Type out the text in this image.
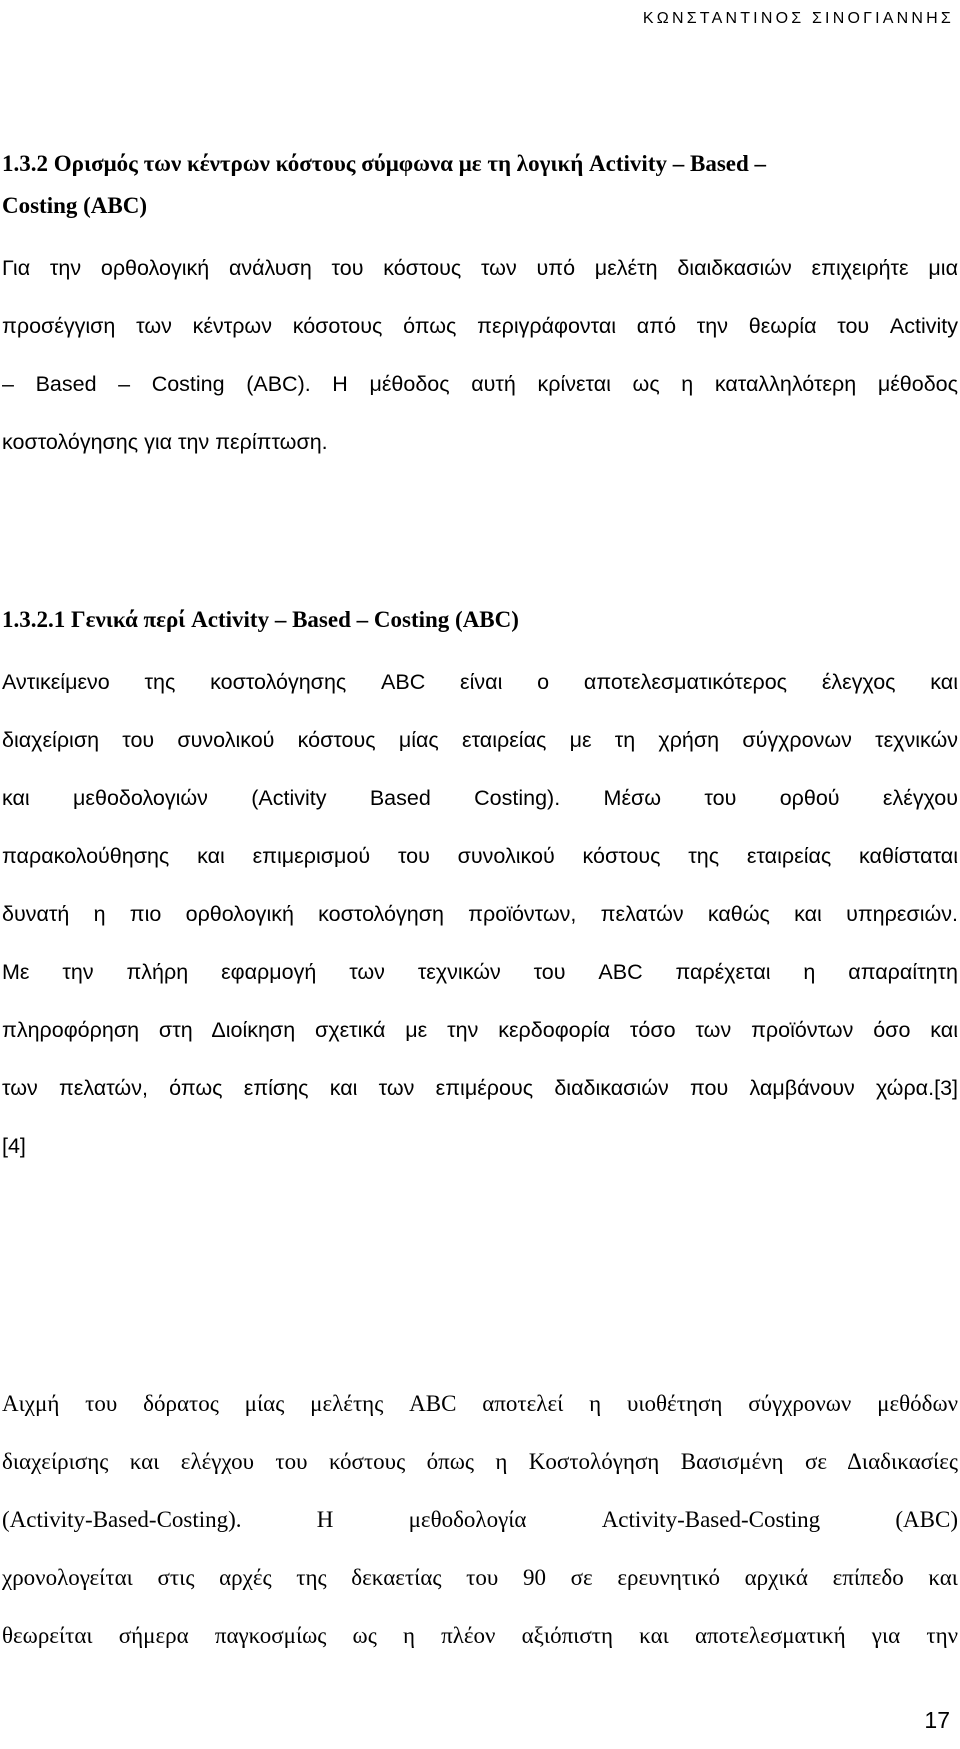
ΚΩΝΣΤΑΝΤΙΝΟΣ ΣΙΝΟΓΙΑΝΝΗΣ
1.3.2 Ορισμός των κέντρων κόστους σύμφωνα με τη λογική Activity – Based –
Costing (ABC)
Για την ορθολογική ανάλυση του κόστους των υπό μελέτη διαιδκασιών επιχειρήτε μια
προσέγγιση των κέντρων κόσοτους όπως περιγράφονται από την θεωρία του Activity
– Based – Costing (ABC). Η μέθοδος αυτή κρίνεται ως η καταλληλότερη μέθοδος
κοστολόγησης για την περίπτωση.
1.3.2.1 Γενικά περί Activity – Based – Costing (ABC)
Αντικείμενο της κοστολόγησης ABC είναι ο αποτελεσματικότερος έλεγχος και
διαχείριση του συνολικού κόστους μίας εταιρείας με τη χρήση σύγχρονων τεχνικών
και μεθοδολογιών (Activity Based Costing). Μέσω του ορθού ελέγχου
παρακολούθησης και επιμερισμού του συνολικού κόστους της εταιρείας καθίσταται
δυνατή η πιο ορθολογική κοστολόγηση προϊόντων, πελατών καθώς και υπηρεσιών.
Με την πλήρη εφαρμογή των τεχνικών του ABC παρέχεται η απαραίτητη
πληροφόρηση στη Διοίκηση σχετικά με την κερδοφορία τόσο των προϊόντων όσο και
των πελατών, όπως επίσης και των επιμέρους διαδικασιών που λαμβάνουν χώρα.[3]
[4]
Αιχμή του δόρατος μίας μελέτης ABC αποτελεί η υιοθέτηση σύγχρονων μεθόδων
διαχείρισης και ελέγχου του κόστους όπως η Κοστολόγηση Βασισμένη σε Διαδικασίες
(Activity-Based-Costing). Η μεθοδολογία Activity-Based-Costing (ABC)
χρονολογείται στις αρχές της δεκαετίας του 90 σε ερευνητικό αρχικά επίπεδο και
θεωρείται σήμερα παγκοσμίως ως η πλέον αξιόπιστη και αποτελεσματική για την
17
